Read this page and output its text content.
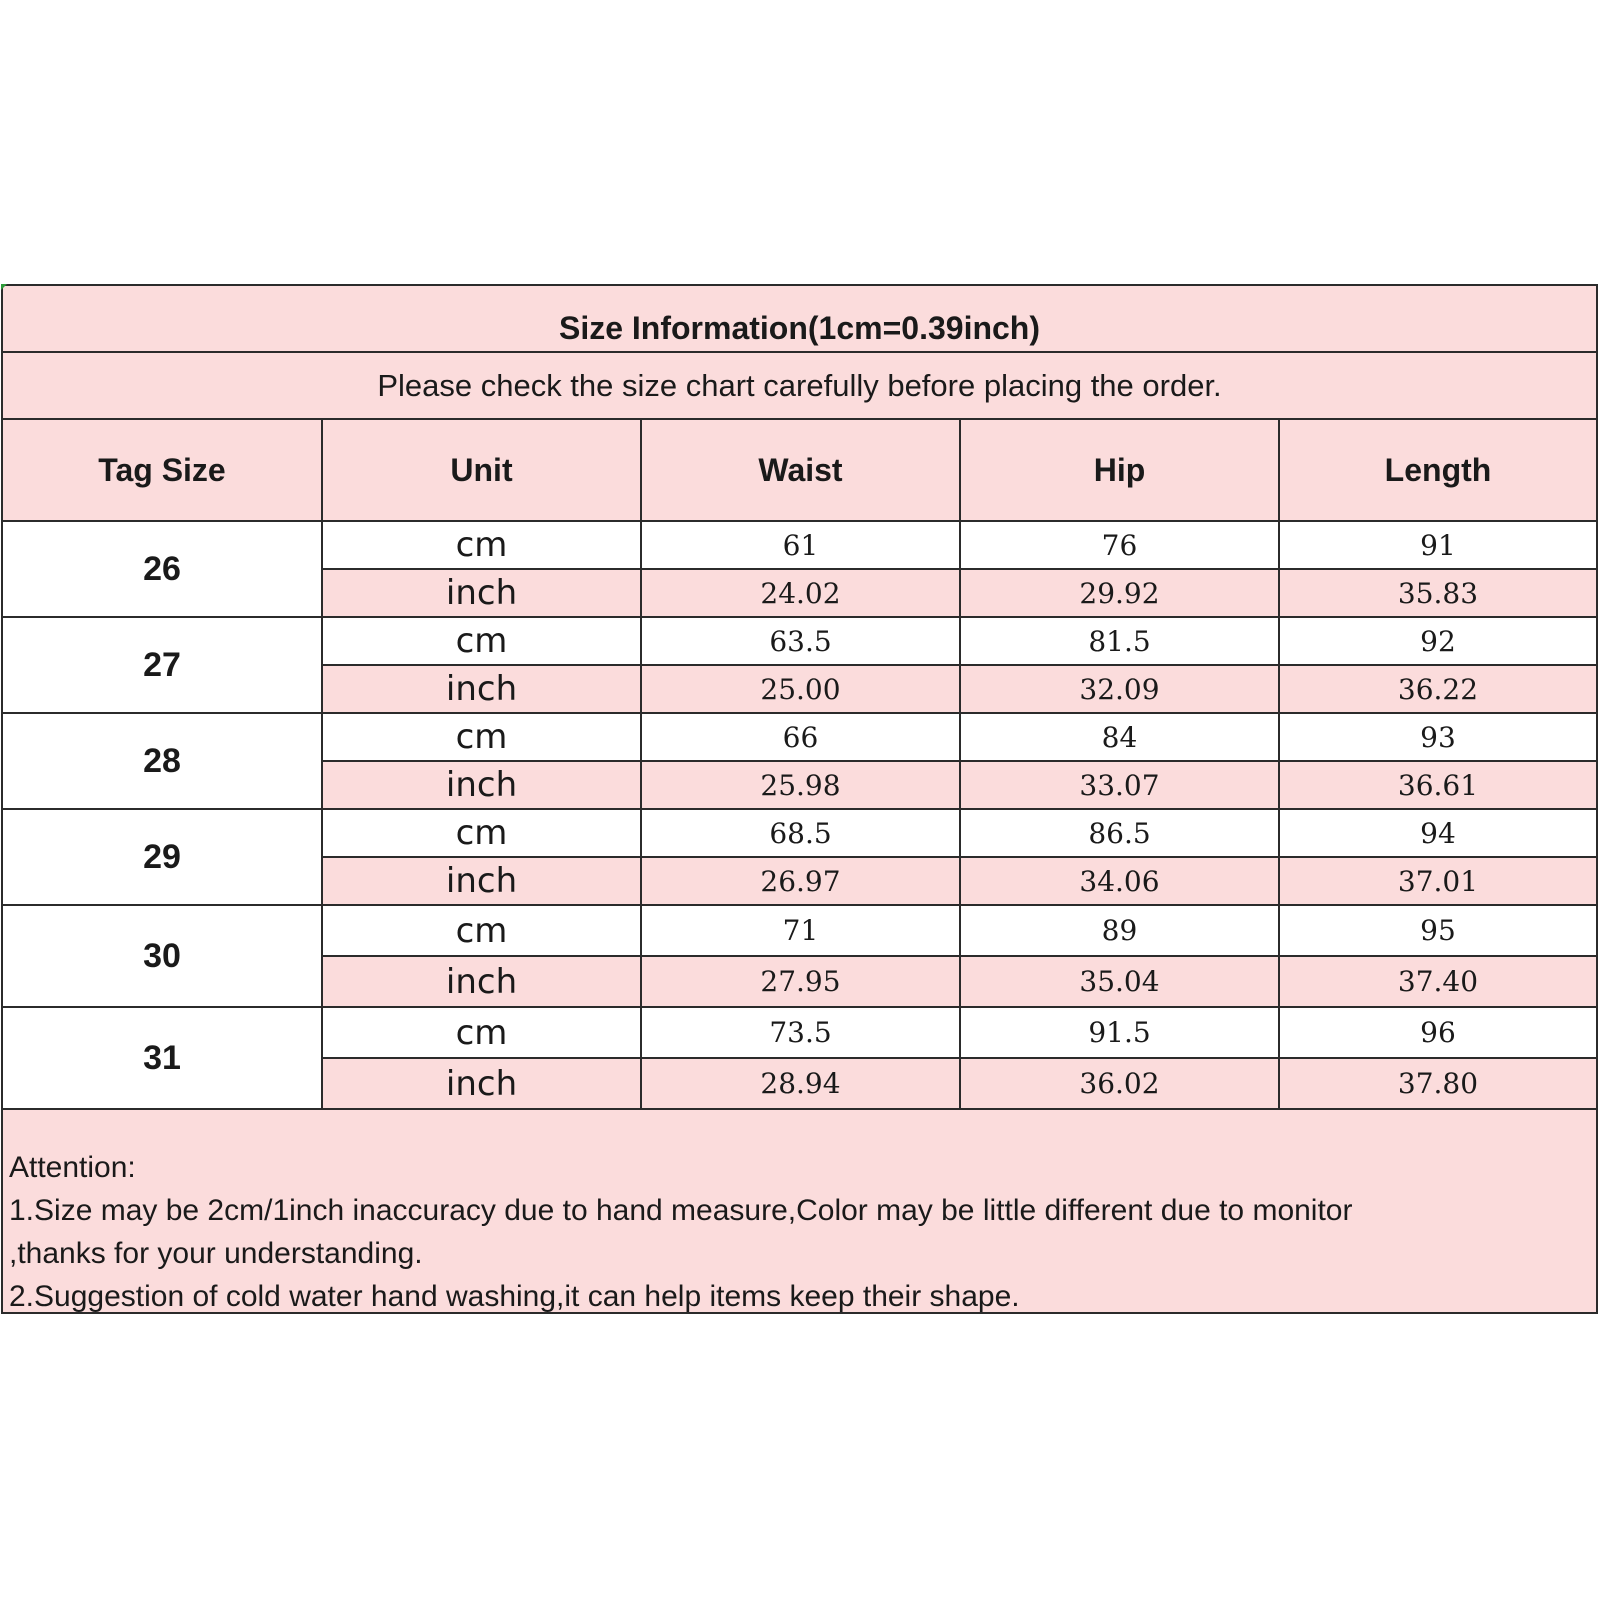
Size Information(1cm=0.39inch)
Please check the size chart carefully before placing the order.
Tag Size	Unit	Waist	Hip	Length
26	cm	61	76	91
	inch	24.02	29.92	35.83
27	cm	63.5	81.5	92
	inch	25.00	32.09	36.22
28	cm	66	84	93
	inch	25.98	33.07	36.61
29	cm	68.5	86.5	94
	inch	26.97	34.06	37.01
30	cm	71	89	95
	inch	27.95	35.04	37.40
31	cm	73.5	91.5	96
	inch	28.94	36.02	37.80
Attention:
1.Size may be 2cm/1inch inaccuracy due to hand measure,Color may be little different due to monitor
,thanks for your understanding.
2.Suggestion of cold water hand washing,it can help items keep their shape.
